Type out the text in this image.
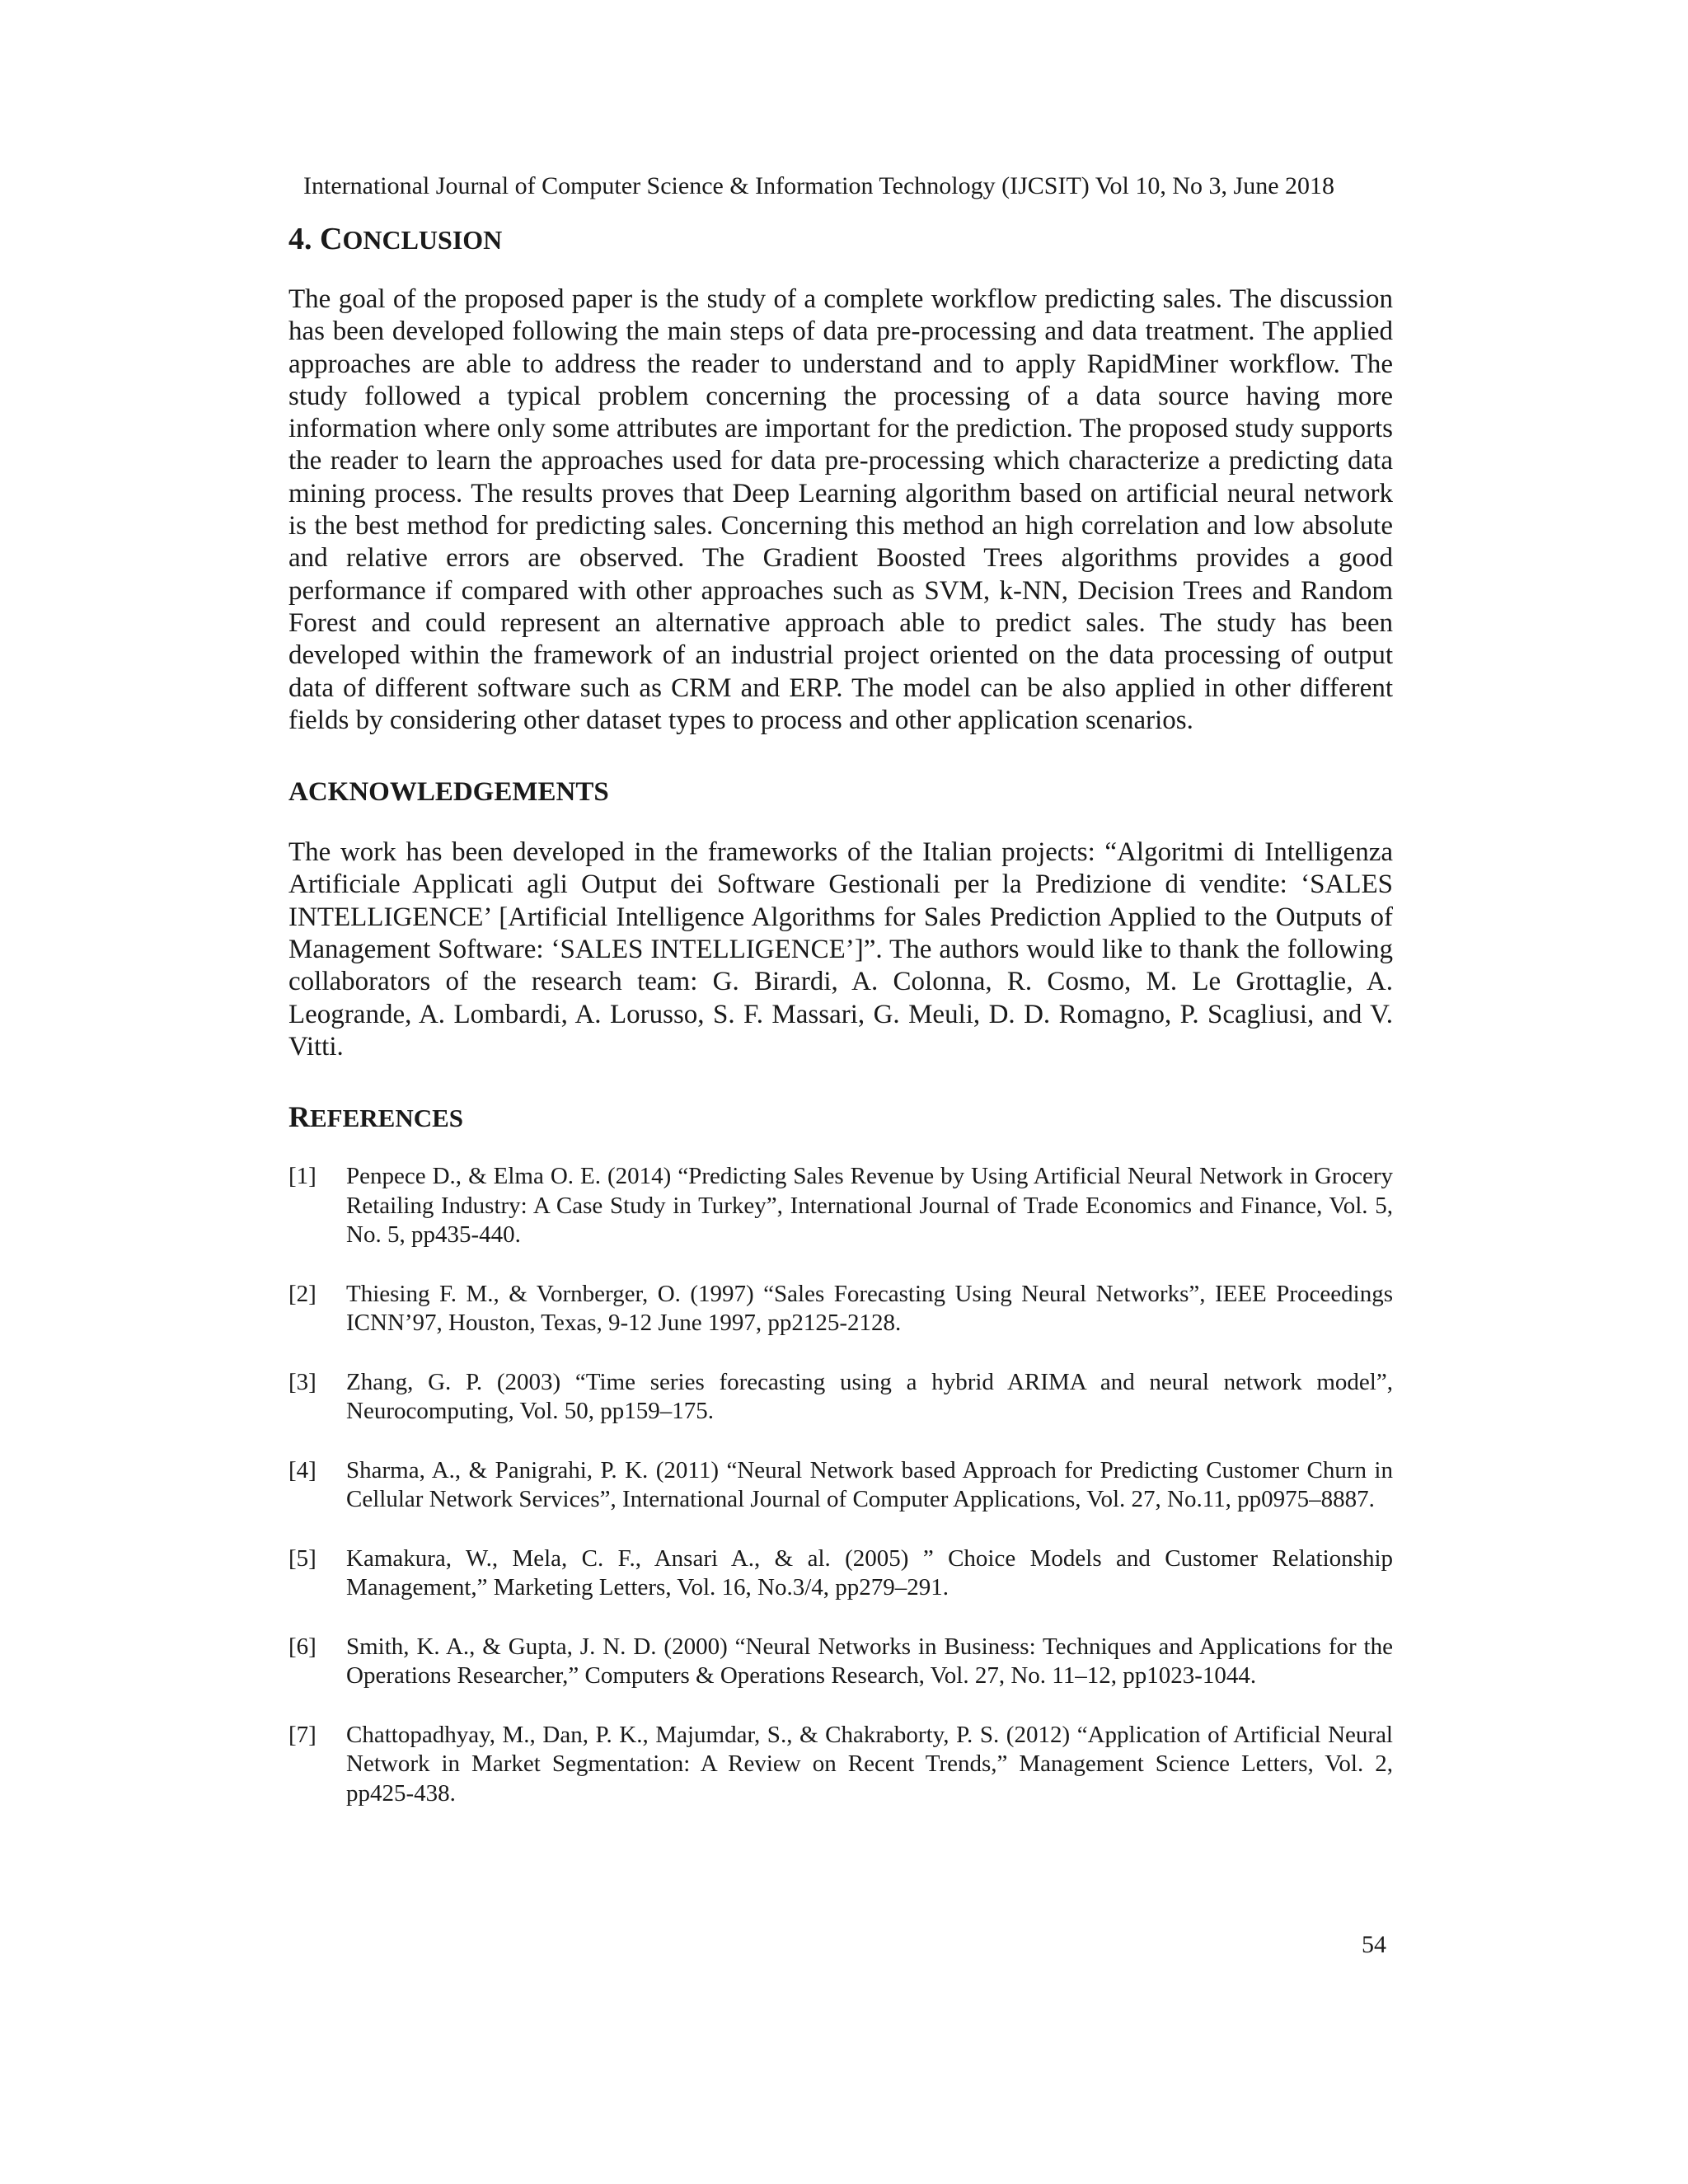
International Journal of Computer Science & Information Technology (IJCSIT) Vol 10, No 3, June 2018
4. CONCLUSION

The goal of the proposed paper is the study of a complete workflow predicting sales. The discussion has been developed following the main steps of data pre-processing and data treatment. The applied approaches are able to address the reader to understand and to apply RapidMiner workflow. The study followed a typical problem concerning the processing of a data source having more information where only some attributes are important for the prediction. The proposed study supports the reader to learn the approaches used for data pre-processing which characterize a predicting data mining process. The results proves that Deep Learning algorithm based on artificial neural network is the best method for predicting sales. Concerning this method an high correlation and low absolute and relative errors are observed. The Gradient Boosted Trees algorithms provides a good performance if compared with other approaches such as SVM, k-NN, Decision Trees and Random Forest and could represent an alternative approach able to predict sales. The study has been developed within the framework of an industrial project oriented on the data processing of output data of different software such as CRM and ERP. The model can be also applied in other different fields by considering other dataset types to process and other application scenarios.

ACKNOWLEDGEMENTS

The work has been developed in the frameworks of the Italian projects: “Algoritmi di Intelligenza Artificiale Applicati agli Output dei Software Gestionali per la Predizione di vendite: ‘SALES INTELLIGENCE’ [Artificial Intelligence Algorithms for Sales Prediction Applied to the Outputs of Management Software: ‘SALES INTELLIGENCE’]”. The authors would like to thank the following collaborators of the research team: G. Birardi, A. Colonna, R. Cosmo, M. Le Grottaglie, A. Leogrande, A. Lombardi, A. Lorusso, S. F. Massari, G. Meuli, D. D. Romagno, P. Scagliusi, and V. Vitti.

REFERENCES
[1] Penpece D., & Elma O. E. (2014) “Predicting Sales Revenue by Using Artificial Neural Network in Grocery Retailing Industry: A Case Study in Turkey”, International Journal of Trade Economics and Finance, Vol. 5, No. 5, pp435-440.
[2] Thiesing F. M., & Vornberger, O. (1997) “Sales Forecasting Using Neural Networks”, IEEE Proceedings ICNN’97, Houston, Texas, 9-12 June 1997, pp2125-2128.
[3] Zhang, G. P. (2003) “Time series forecasting using a hybrid ARIMA and neural network model”, Neurocomputing, Vol. 50, pp159–175.
[4] Sharma, A., & Panigrahi, P. K. (2011) “Neural Network based Approach for Predicting Customer Churn in Cellular Network Services”, International Journal of Computer Applications, Vol. 27, No.11, pp0975–8887.
[5] Kamakura, W., Mela, C. F., Ansari A., & al. (2005) ” Choice Models and Customer Relationship Management,” Marketing Letters, Vol. 16, No.3/4, pp279–291.
[6] Smith, K. A., & Gupta, J. N. D. (2000) “Neural Networks in Business: Techniques and Applications for the Operations Researcher,” Computers & Operations Research, Vol. 27, No. 11–12, pp1023-1044.
[7] Chattopadhyay, M., Dan, P. K., Majumdar, S., & Chakraborty, P. S. (2012) “Application of Artificial Neural Network in Market Segmentation: A Review on Recent Trends,” Management Science Letters, Vol. 2, pp425-438.
54
